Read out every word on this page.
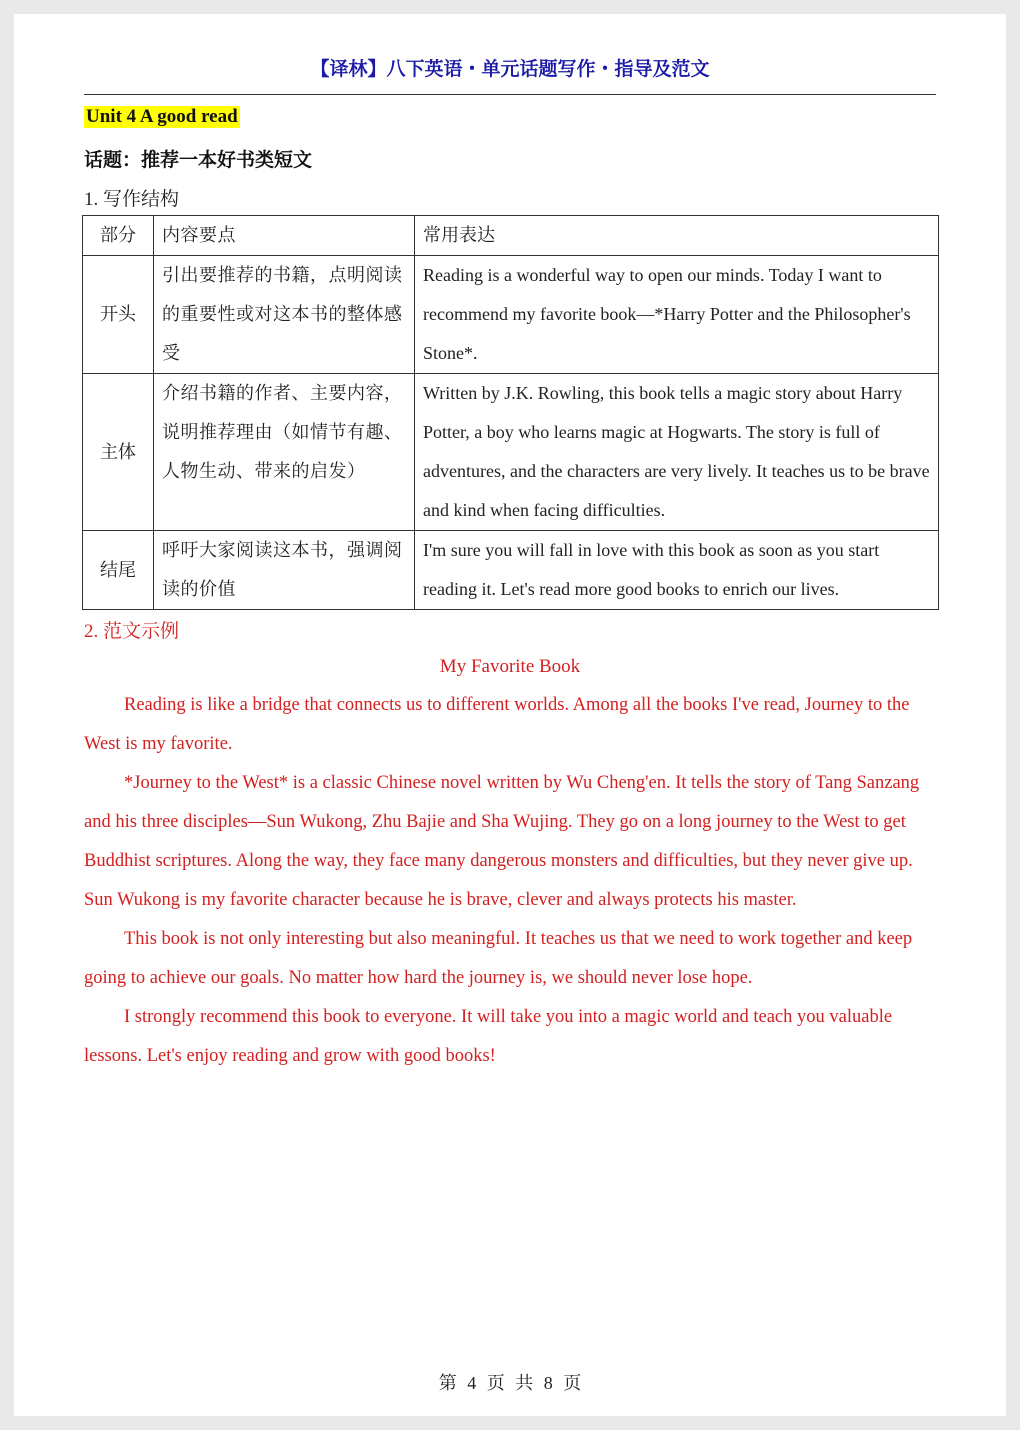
【译林】八下英语・单元话题写作・指导及范文
Unit 4 A good read
话题：推荐一本好书类短文
1. 写作结构
部分	内容要点	常用表达
开头	引出要推荐的书籍，点明阅读的重要性或对这本书的整体感受	Reading is a wonderful way to open our minds. Today I want to recommend my favorite book—*Harry Potter and the Philosopher's Stone*.
主体	介绍书籍的作者、主要内容，说明推荐理由（如情节有趣、人物生动、带来的启发）	Written by J.K. Rowling, this book tells a magic story about Harry Potter, a boy who learns magic at Hogwarts. The story is full of adventures, and the characters are very lively. It teaches us to be brave and kind when facing difficulties.
结尾	呼吁大家阅读这本书，强调阅读的价值	I'm sure you will fall in love with this book as soon as you start reading it. Let's read more good books to enrich our lives.
2. 范文示例
My Favorite Book

Reading is like a bridge that connects us to different worlds. Among all the books I've read, Journey to the West is my favorite.

*Journey to the West* is a classic Chinese novel written by Wu Cheng'en. It tells the story of Tang Sanzang and his three disciples—Sun Wukong, Zhu Bajie and Sha Wujing. They go on a long journey to the West to get Buddhist scriptures. Along the way, they face many dangerous monsters and difficulties, but they never give up. Sun Wukong is my favorite character because he is brave, clever and always protects his master.

This book is not only interesting but also meaningful. It teaches us that we need to work together and keep going to achieve our goals. No matter how hard the journey is, we should never lose hope.

I strongly recommend this book to everyone. It will take you into a magic world and teach you valuable lessons. Let's enjoy reading and grow with good books!

第 4 页 共 8 页
